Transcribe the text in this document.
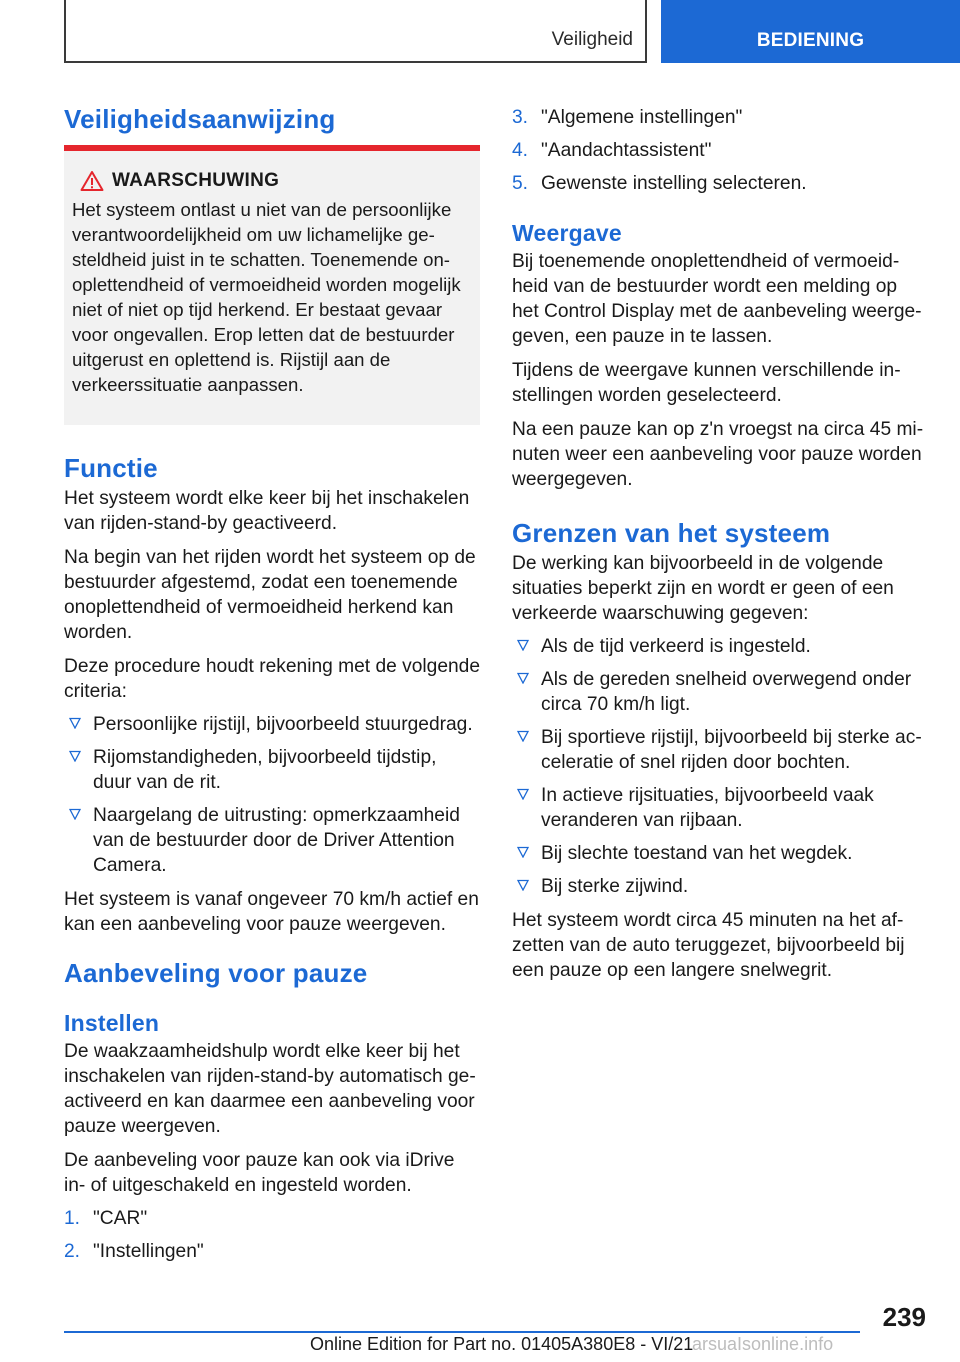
Veiligheid	BEDIENING
Veiligheidsaanwijzing
WAARSCHUWING

Het systeem ontlast u niet van de persoonlijke verantwoordelijkheid om uw lichamelijke gesteldheid juist in te schatten. Toenemende onoplettendheid of vermoeidheid worden mogelijk niet of niet op tijd herkend. Er bestaat gevaar voor ongevallen. Erop letten dat de bestuurder uitgerust en oplettend is. Rijstijl aan de verkeerssituatie aanpassen.

Functie

Het systeem wordt elke keer bij het inschakelen van rijden-stand-by geactiveerd.

Na begin van het rijden wordt het systeem op de bestuurder afgestemd, zodat een toenemende onoplettendheid of vermoeidheid herkend kan worden.

Deze procedure houdt rekening met de volgende criteria:

Persoonlijke rijstijl, bijvoorbeeld stuurgedrag.
Rijomstandigheden, bijvoorbeeld tijdstip, duur van de rit.
Naargelang de uitrusting: opmerkzaamheid van de bestuurder door de Driver Attention Camera.

Het systeem is vanaf ongeveer 70 km/h actief en kan een aanbeveling voor pauze weergeven.

Aanbeveling voor pauze
Instellen

De waakzaamheidshulp wordt elke keer bij het inschakelen van rijden-stand-by automatisch geactiveerd en kan daarmee een aanbeveling voor pauze weergeven.

De aanbeveling voor pauze kan ook via iDrive in- of uitgeschakeld en ingesteld worden.

1. "CAR"
2. "Instellingen"
3. "Algemene instellingen"
4. "Aandachtassistent"
5. Gewenste instelling selecteren.
Weergave

Bij toenemende onoplettendheid of vermoeidheid van de bestuurder wordt een melding op het Control Display met de aanbeveling weergegeven, een pauze in te lassen.

Tijdens de weergave kunnen verschillende instellingen worden geselecteerd.

Na een pauze kan op z'n vroegst na circa 45 minuten weer een aanbeveling voor pauze worden weergegeven.

Grenzen van het systeem

De werking kan bijvoorbeeld in de volgende situaties beperkt zijn en wordt er geen of een verkeerde waarschuwing gegeven:

Als de tijd verkeerd is ingesteld.
Als de gereden snelheid overwegend onder circa 70 km/h ligt.
Bij sportieve rijstijl, bijvoorbeeld bij sterke acceleratie of snel rijden door bochten.
In actieve rijsituaties, bijvoorbeeld vaak veranderen van rijbaan.
Bij slechte toestand van het wegdek.
Bij sterke zijwind.

Het systeem wordt circa 45 minuten na het afzetten van de auto teruggezet, bijvoorbeeld bij een pauze op een langere snelwegrit.

239
Online Edition for Part no. 01405A380E8 - VI/21
arsuaIsonline.info
